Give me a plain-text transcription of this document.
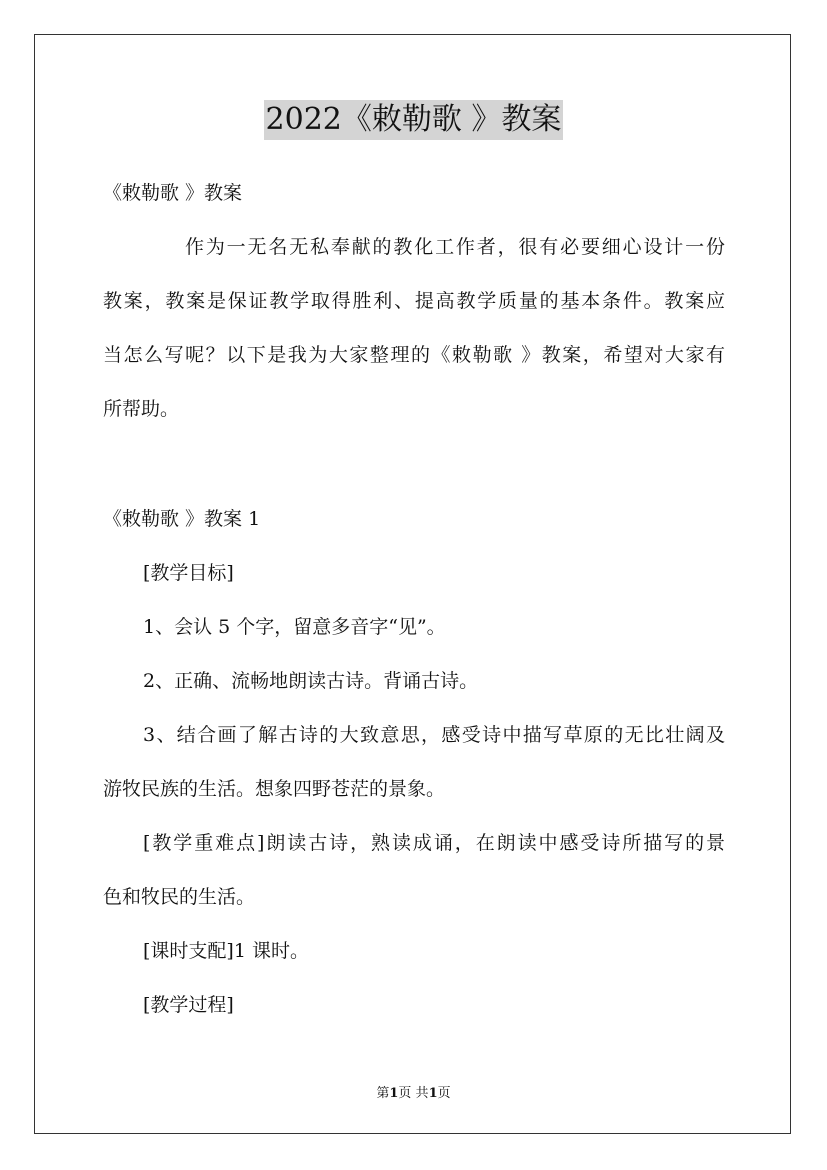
2022《敕勒歌 》教案
《敕勒歌 》教案
作为一无名无私奉献的教化工作者，很有必要细心设计一份
教案，教案是保证教学取得胜利、提高教学质量的基本条件。教案应
当怎么写呢？以下是我为大家整理的《敕勒歌 》教案，希望对大家有
所帮助。
《敕勒歌 》教案 1
[教学目标]
1、会认 5 个字，留意多音字“见”。
2、正确、流畅地朗读古诗。背诵古诗。
3、结合画了解古诗的大致意思，感受诗中描写草原的无比壮阔及
游牧民族的生活。想象四野苍茫的景象。
[教学重难点]朗读古诗，熟读成诵，在朗读中感受诗所描写的景
色和牧民的生活。
[课时支配]1 课时。
[教学过程]
第1页 共1页
